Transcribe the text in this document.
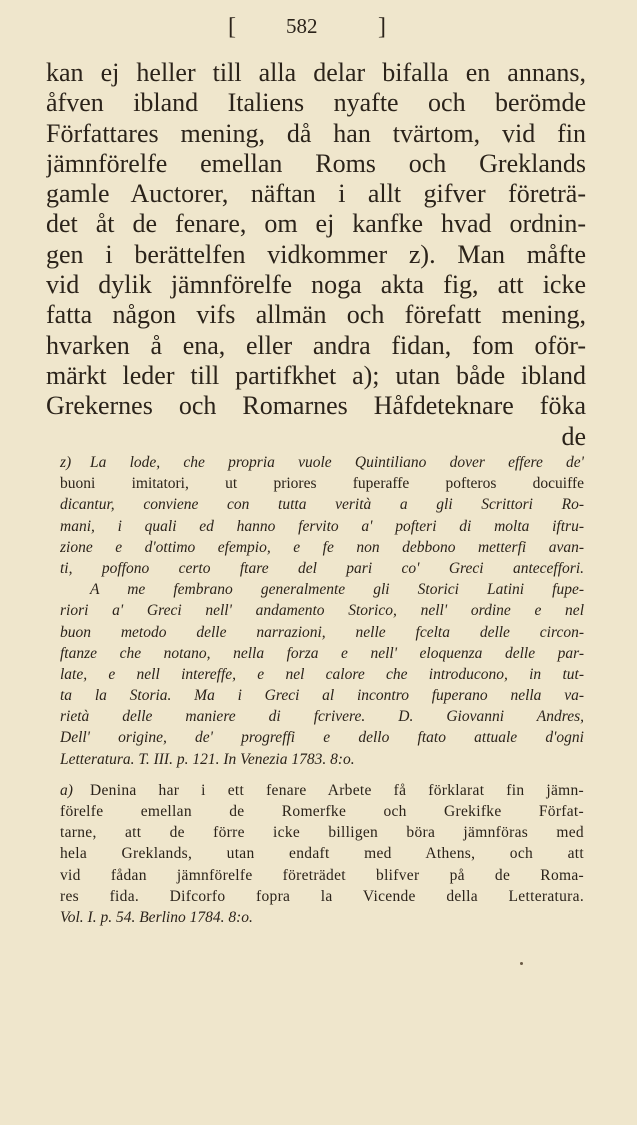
[ 582	]
kan ej heller till alla delar bifalla en annans,
åfven ibland Italiens nyafte och berömde
Författares mening, då han tvärtom, vid fin
jämnförelfe emellan Roms och Greklands
gamle Auctorer, näftan i allt gifver företrä-
det åt de fenare, om ej kanfke hvad ordnin-
gen i berättelfen vidkommer z). Man måfte
vid dylik jämnförelfe noga akta fig, att icke
fatta någon vifs allmän och förefatt mening,
hvarken å ena, eller andra fidan, fom oför-
märkt leder till partifkhet a); utan både ibland
Grekernes och Romarnes Håfdeteknare föka
de
z)	La lode, che propria vuole Quintiliano dover effere de'
buoni imitatori, ut priores fuperaffe pofteros docuiffe
dicantur, conviene con tutta verità a gli Scrittori Ro-
mani, i quali ed hanno fervito a' pofteri di molta iftru-
zione e d'ottimo efempio, e fe non debbono metterfi avan-
ti, poffono certo ftare del pari co' Greci anteceffori.
A me fembrano generalmente gli Storici Latini fupe-
riori a' Greci nell' andamento Storico, nell' ordine e nel
buon metodo delle narrazioni, nelle fcelta delle circon-
ftanze che notano, nella forza e nell' eloquenza delle par-
late, e nell intereffe, e nel calore che introducono, in tut-
ta la Storia. Ma i Greci al incontro fuperano nella va-
rietà delle maniere di fcrivere. D. Giovanni Andres,
Dell' origine, de' progreffi e dello ftato attuale d'ogni
Letteratura. T. III. p. 121. In Venezia 1783. 8:o.
a)	Denina har i ett fenare Arbete få förklarat fin jämn-
förelfe emellan de Romerfke och Grekifke Förfat-
tarne, att de förre icke billigen böra jämnföras med
hela Greklands, utan endaft med Athens, och att
vid fådan jämnförelfe företrädet blifver på de Roma-
res fida. Difcorfo fopra la Vicende della Letteratura.
Vol. I. p. 54. Berlino 1784. 8:o.
